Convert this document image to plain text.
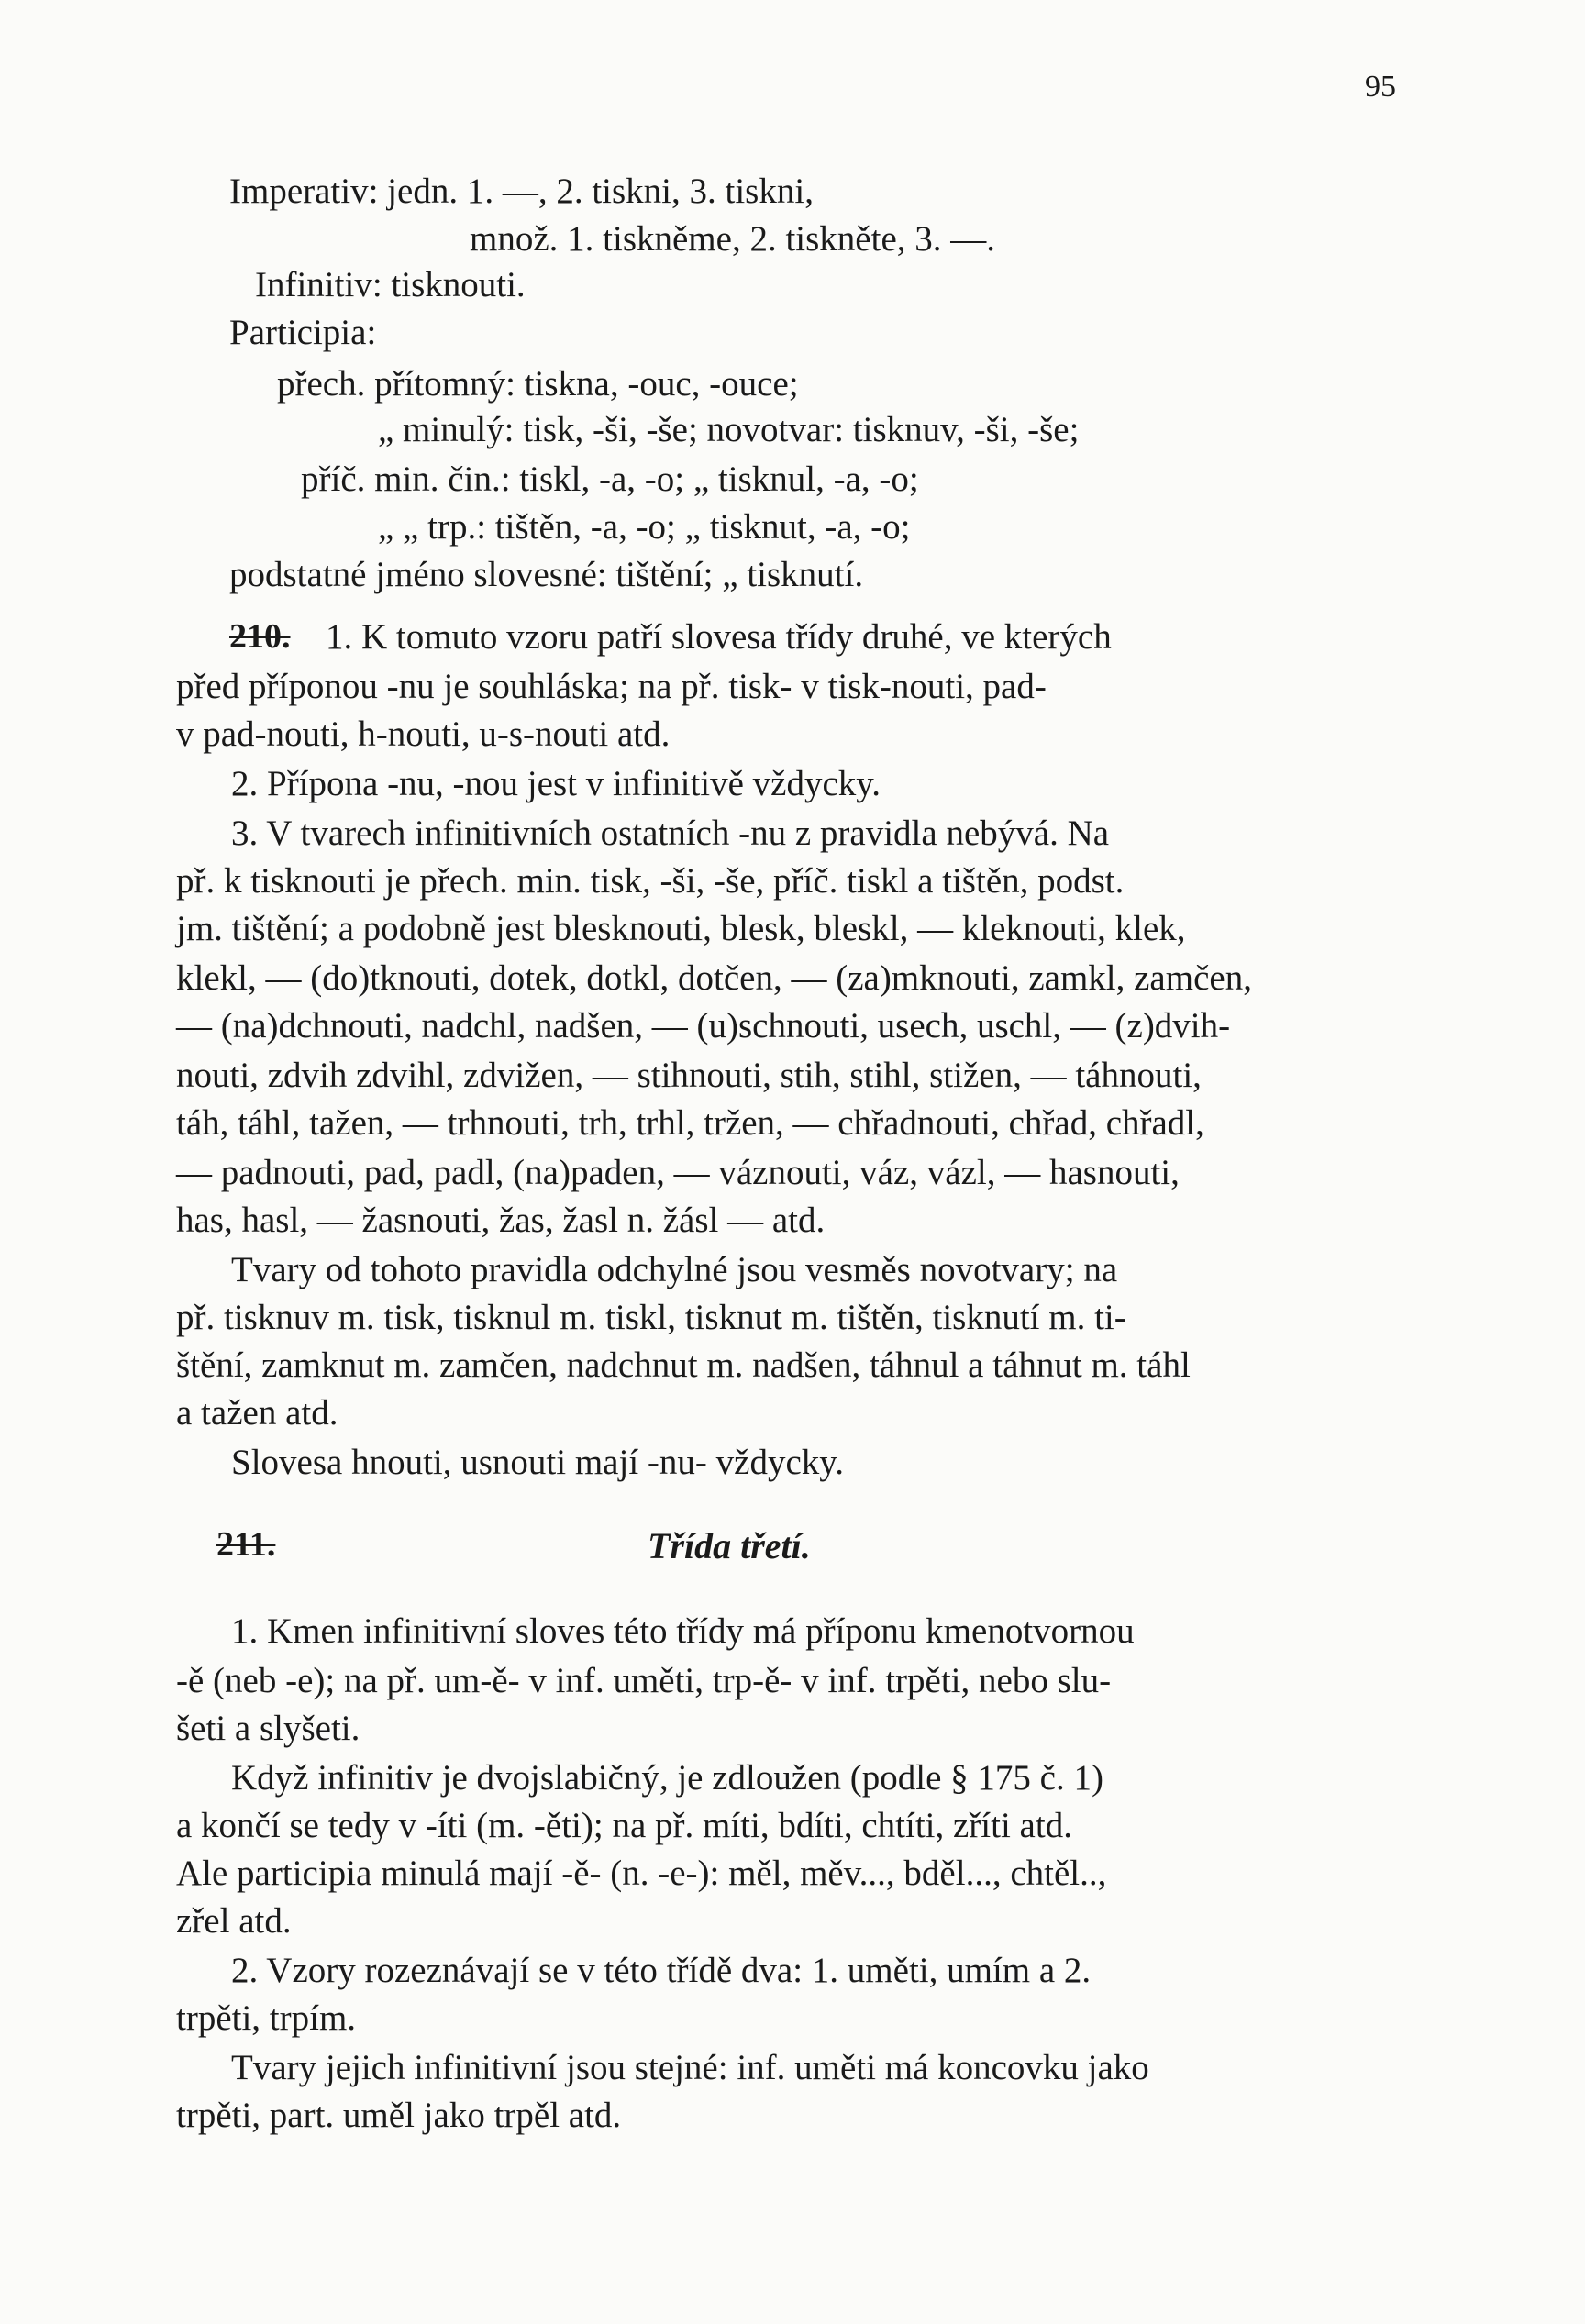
95
Imperativ: jedn. 1. —, 2. tiskni, 3. tiskni,
množ. 1. tiskněme, 2. tiskněte, 3. —.
Infinitiv: tisknouti.
Participia:
přech. přítomný: tiskna, -ouc, -ouce;
„ minulý: tisk, -ši, -še; novotvar: tisknuv, -ši, -še;
příč. min. čin.: tiskl, -a, -o; „ tisknul, -a, -o;
„ „ trp.: tištěn, -a, -o; „ tisknut, -a, -o;
podstatné jméno slovesné: tištění; „ tisknutí.
210. 1. K tomuto vzoru patří slovesa třídy druhé, ve kterých
před příponou -nu je souhláska; na př. tisk- v tisk-nouti, pad-
v pad-nouti, h-nouti, u-s-nouti atd.
2. Přípona -nu, -nou jest v infinitivě vždycky.
3. V tvarech infinitivních ostatních -nu z pravidla nebývá. Na
př. k tisknouti je přech. min. tisk, -ši, -še, příč. tiskl a tištěn, podst.
jm. tištění; a podobně jest blesknouti, blesk, bleskl, — kleknouti, klek,
klekl, — (do)tknouti, dotek, dotkl, dotčen, — (za)mknouti, zamkl, zamčen,
— (na)dchnouti, nadchl, nadšen, — (u)schnouti, usech, uschl, — (z)dvih-
nouti, zdvih zdvihl, zdvižen, — stihnouti, stih, stihl, stižen, — táhnouti,
táh, táhl, tažen, — trhnouti, trh, trhl, tržen, — chřadnouti, chřad, chřadl,
— padnouti, pad, padl, (na)paden, — váznouti, váz, vázl, — hasnouti,
has, hasl, — žasnouti, žas, žasl n. žásl — atd.
Tvary od tohoto pravidla odchylné jsou vesměs novotvary; na
př. tisknuv m. tisk, tisknul m. tiskl, tisknut m. tištěn, tisknutí m. ti-
štění, zamknut m. zamčen, nadchnut m. nadšen, táhnul a táhnut m. táhl
a tažen atd.
Slovesa hnouti, usnouti mají -nu- vždycky.
211.	Třída třetí.
1. Kmen infinitivní sloves této třídy má příponu kmenotvornou
-ě (neb -e); na př. um-ě- v inf. uměti, trp-ě- v inf. trpěti, nebo slu-
šeti a slyšeti.
Když infinitiv je dvojslabičný, je zdloužen (podle § 175 č. 1)
a končí se tedy v -íti (m. -ěti); na př. míti, bdíti, chtíti, zříti atd.
Ale participia minulá mají -ě- (n. -e-): měl, měv..., bděl..., chtěl..,
zřel atd.
2. Vzory rozeznávají se v této třídě dva: 1. uměti, umím a 2.
trpěti, trpím.
Tvary jejich infinitivní jsou stejné: inf. uměti má koncovku jako
trpěti, part. uměl jako trpěl atd.
